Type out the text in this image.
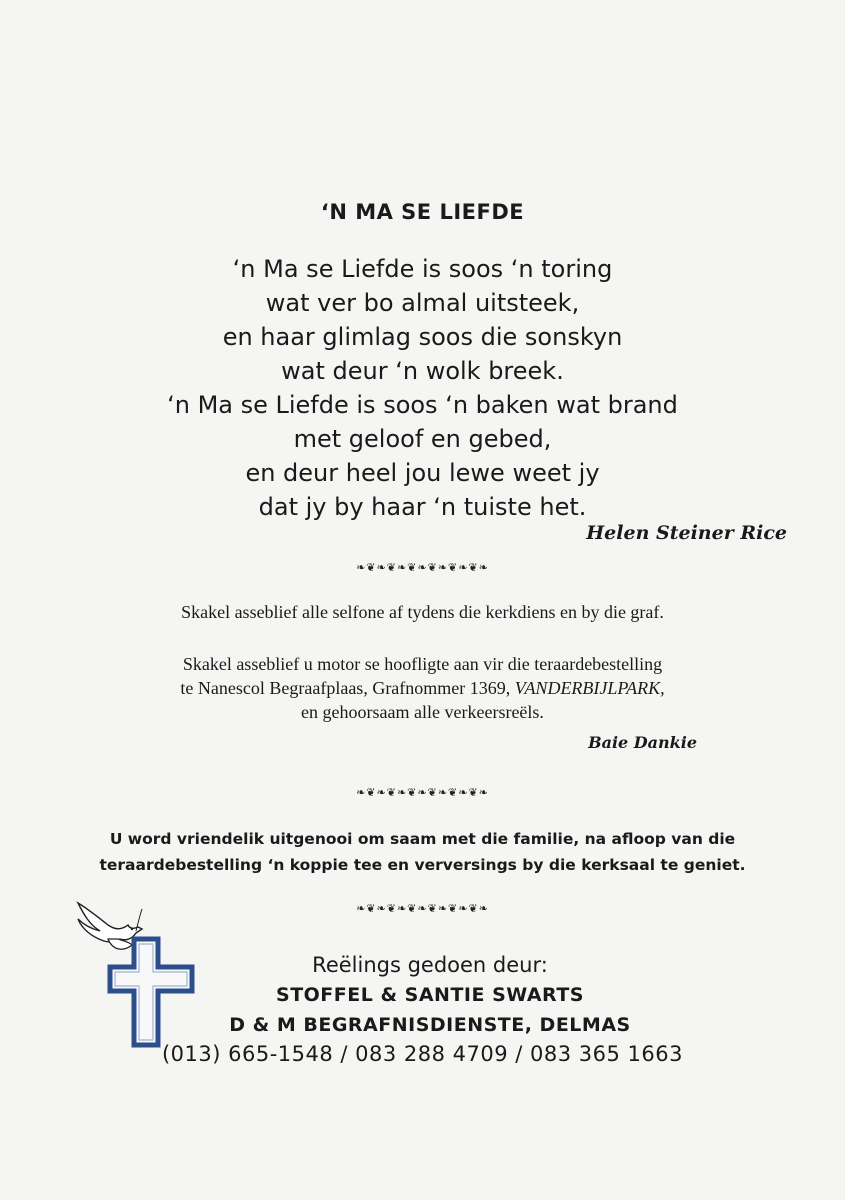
‘N MA SE LIEFDE
‘n Ma se Liefde is soos ‘n toring
wat ver bo almal uitsteek,
en haar glimlag soos die sonskyn
wat deur ‘n wolk breek.
‘n Ma se Liefde is soos ‘n baken wat brand
met geloof en gebed,
en deur heel jou lewe weet jy
dat jy by haar ‘n tuiste het.
Helen Steiner Rice
❧❦❧❦❧❦❧❦❧❦❧❦❧
Skakel asseblief alle selfone af tydens die kerkdiens en by die graf.
Skakel asseblief u motor se hoofligte aan vir die teraardebestelling
te Nanescol Begraafplaas, Grafnommer 1369, VANDERBIJLPARK,
en gehoorsaam alle verkeersreëls.
Baie Dankie
❧❦❧❦❧❦❧❦❧❦❧❦❧
U word vriendelik uitgenooi om saam met die familie, na afloop van die
teraardebestelling ‘n koppie tee en verversings by die kerksaal te geniet.
❧❦❧❦❧❦❧❦❧❦❧❦❧
Reëlings gedoen deur:
STOFFEL & SANTIE SWARTS
D & M BEGRAFNISDIENSTE, DELMAS
(013) 665-1548 / 083 288 4709 / 083 365 1663
